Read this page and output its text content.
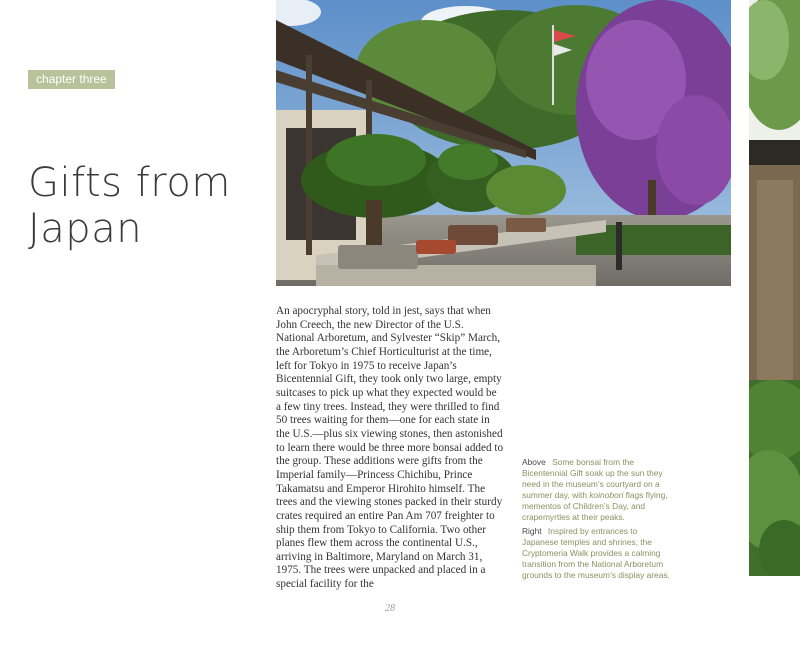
chapter three
Gifts from
Japan

An apocryphal story, told in jest, says that when John Creech, the new Director of the U.S. National Arboretum, and Sylvester “Skip” March, the Arboretum’s Chief Horticulturist at the time, left for Tokyo in 1975 to receive Japan’s Bicentennial Gift, they took only two large, empty suitcases to pick up what they expected would be a few tiny trees. Instead, they were thrilled to find 50 trees waiting for them—one for each state in the U.S.—plus six viewing stones, then astonished to learn there would be three more bonsai added to the group. These additions were gifts from the Imperial family—Princess Chichibu, Prince Takamatsu and Emperor Hirohito himself. The trees and the viewing stones packed in their sturdy crates required an entire Pan Am 707 freighter to ship them from Tokyo to California. Two other planes flew them across the continental U.S., arriving in Baltimore, Maryland on March 31, 1975. The trees were unpacked and placed in a special facility for the

Above Some bonsai from the Bicentennial Gift soak up the sun they need in the museum’s courtyard on a summer day, with koinobori flags flying, mementos of Children’s Day, and crapemyrtles at their peaks.

Right Inspired by entrances to Japanese temples and shrines, the Cryptomeria Walk provides a calming transition from the National Arboretum grounds to the museum’s display areas.

28
